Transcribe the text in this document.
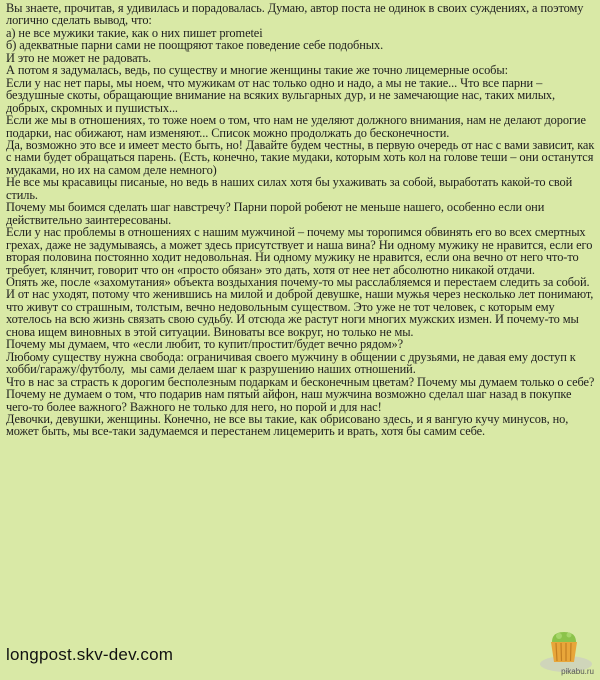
Вы знаете, прочитав, я удивилась и порадовалась. Думаю, автор поста не одинок в своих суждениях, а поэтому логично сделать вывод, что:

а) не все мужики такие, как о них пишет prometei

б) адекватные парни сами не поощряют такое поведение себе подобных.

И это не может не радовать.

А потом я задумалась, ведь, по существу и многие женщины такие же точно лицемерные особы:

Если у нас нет пары, мы ноем, что мужикам от нас только одно и надо, а мы не такие... Что все парни – бездушные скоты, обращающие внимание на всяких вульгарных дур, и не замечающие нас, таких милых, добрых, скромных и пушистых...

Если же мы в отношениях, то тоже ноем о том, что нам не уделяют должного внимания, нам не делают дорогие подарки, нас обижают, нам изменяют... Список можно продолжать до бесконечности.

Да, возможно это все и имеет место быть, но! Давайте будем честны, в первую очередь от нас с вами зависит, как с нами будет обращаться парень. (Есть, конечно, такие мудаки, которым хоть кол на голове теши – они останутся мудаками, но их на самом деле немного)

Не все мы красавицы писаные, но ведь в наших силах хотя бы ухаживать за собой, выработать какой-то свой стиль.

Почему мы боимся сделать шаг навстречу? Парни порой робеют не меньше нашего, особенно если они действительно заинтересованы.

Если у нас проблемы в отношениях с нашим мужчиной – почему мы торопимся обвинять его во всех смертных грехах, даже не задумываясь, а может здесь присутствует и наша вина? Ни одному мужику не нравится, если его вторая половина постоянно ходит недовольная. Ни одному мужику не нравится, если она вечно от него что-то требует, клянчит, говорит что он «просто обязан» это дать, хотя от нее нет абсолютно никакой отдачи.

Опять же, после «захомутания» объекта воздыхания почему-то мы расслабляемся и перестаем следить за собой. И от нас уходят, потому что женившись на милой и доброй девушке, наши мужья через несколько лет понимают, что живут со страшным, толстым, вечно недовольным существом. Это уже не тот человек, с которым ему хотелось на всю жизнь связать свою судьбу. И отсюда же растут ноги многих мужских измен. И почему-то мы снова ищем виновных в этой ситуации. Виноваты все вокруг, но только не мы.

Почему мы думаем, что «если любит, то купит/простит/будет вечно рядом»?

Любому существу нужна свобода: ограничивая своего мужчину в общении с друзьями, не давая ему доступ к хобби/гаражу/футболу,  мы сами делаем шаг к разрушению наших отношений.

Что в нас за страсть к дорогим бесполезным подаркам и бесконечным цветам? Почему мы думаем только о себе? Почему не думаем о том, что подарив нам пятый айфон, наш мужчина возможно сделал шаг назад в покупке чего-то более важного? Важного не только для него, но порой и для нас!

Девочки, девушки, женщины. Конечно, не все вы такие, как обрисовано здесь, и я вангую кучу минусов, но, может быть, мы все-таки задумаемся и перестанем лицемерить и врать, хотя бы самим себе.

longpost.skv-dev.com
pikabu.ru
